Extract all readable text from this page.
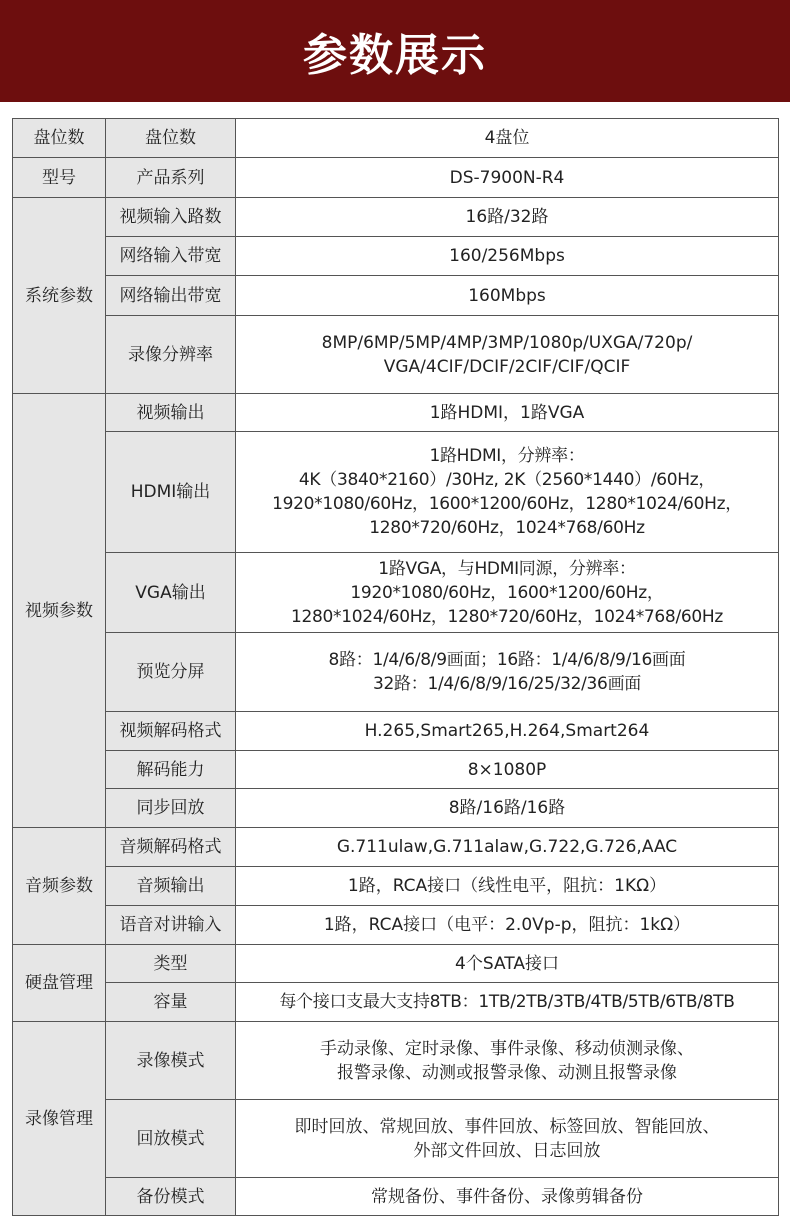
参数展示
盘位数	盘位数	4盘位
型号	产品系列	DS-7900N-R4
系统参数	视频输入路数	16路/32路
	网络输入带宽	160/256Mbps
	网络输出带宽	160Mbps
	录像分辨率	8MP/6MP/5MP/4MP/3MP/1080p/UXGA/720p/
VGA/4CIF/DCIF/2CIF/CIF/QCIF
视频参数	视频输出	1路HDMI，1路VGA
	HDMI输出	1路HDMI，分辨率：
4K（3840*2160）/30Hz, 2K（2560*1440）/60Hz，
1920*1080/60Hz，1600*1200/60Hz，1280*1024/60Hz，
1280*720/60Hz，1024*768/60Hz
	VGA输出	1路VGA，与HDMI同源，分辨率：
1920*1080/60Hz，1600*1200/60Hz，
1280*1024/60Hz，1280*720/60Hz，1024*768/60Hz
	预览分屏	8路：1/4/6/8/9画面；16路：1/4/6/8/9/16画面
32路：1/4/6/8/9/16/25/32/36画面
	视频解码格式	H.265,Smart265,H.264,Smart264
	解码能力	8×1080P
	同步回放	8路/16路/16路
音频参数	音频解码格式	G.711ulaw,G.711alaw,G.722,G.726,AAC
	音频输出	1路，RCA接口（线性电平，阻抗：1KΩ）
	语音对讲输入	1路，RCA接口（电平：2.0Vp-p，阻抗：1kΩ）
硬盘管理	类型	4个SATA接口
	容量	每个接口支最大支持8TB：1TB/2TB/3TB/4TB/5TB/6TB/8TB
录像管理	录像模式	手动录像、定时录像、事件录像、移动侦测录像、
报警录像、动测或报警录像、动测且报警录像
	回放模式	即时回放、常规回放、事件回放、标签回放、智能回放、
外部文件回放、日志回放
	备份模式	常规备份、事件备份、录像剪辑备份
